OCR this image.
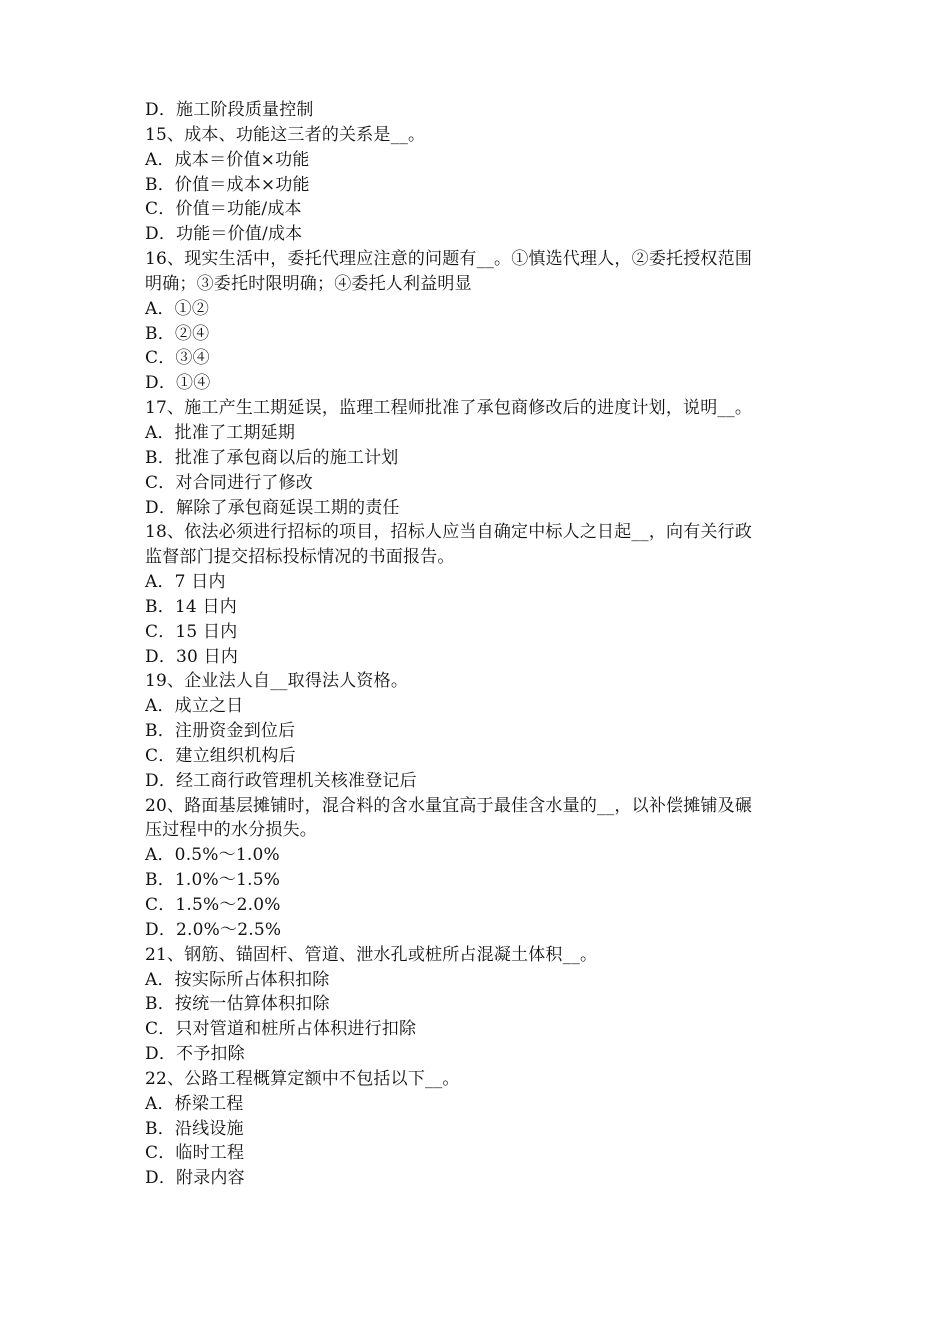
D．施工阶段质量控制
15、成本、功能这三者的关系是__。
A．成本＝价值×功能
B．价值＝成本×功能
C．价值＝功能/成本
D．功能＝价值/成本
16、现实生活中，委托代理应注意的问题有__。①慎选代理人，②委托授权范围
明确；③委托时限明确；④委托人利益明显
A．①②
B．②④
C．③④
D．①④
17、施工产生工期延误，监理工程师批准了承包商修改后的进度计划，说明__。
A．批准了工期延期
B．批准了承包商以后的施工计划
C．对合同进行了修改
D．解除了承包商延误工期的责任
18、依法必须进行招标的项目，招标人应当自确定中标人之日起__，向有关行政
监督部门提交招标投标情况的书面报告。
A．7 日内
B．14 日内
C．15 日内
D．30 日内
19、企业法人自__取得法人资格。
A．成立之日
B．注册资金到位后
C．建立组织机构后
D．经工商行政管理机关核准登记后
20、路面基层摊铺时，混合料的含水量宜高于最佳含水量的__，以补偿摊铺及碾
压过程中的水分损失。
A．0.5%～1.0%
B．1.0%～1.5%
C．1.5%～2.0%
D．2.0%～2.5%
21、钢筋、锚固杆、管道、泄水孔或桩所占混凝土体积__。
A．按实际所占体积扣除
B．按统一估算体积扣除
C．只对管道和桩所占体积进行扣除
D．不予扣除
22、公路工程概算定额中不包括以下__。
A．桥梁工程
B．沿线设施
C．临时工程
D．附录内容
